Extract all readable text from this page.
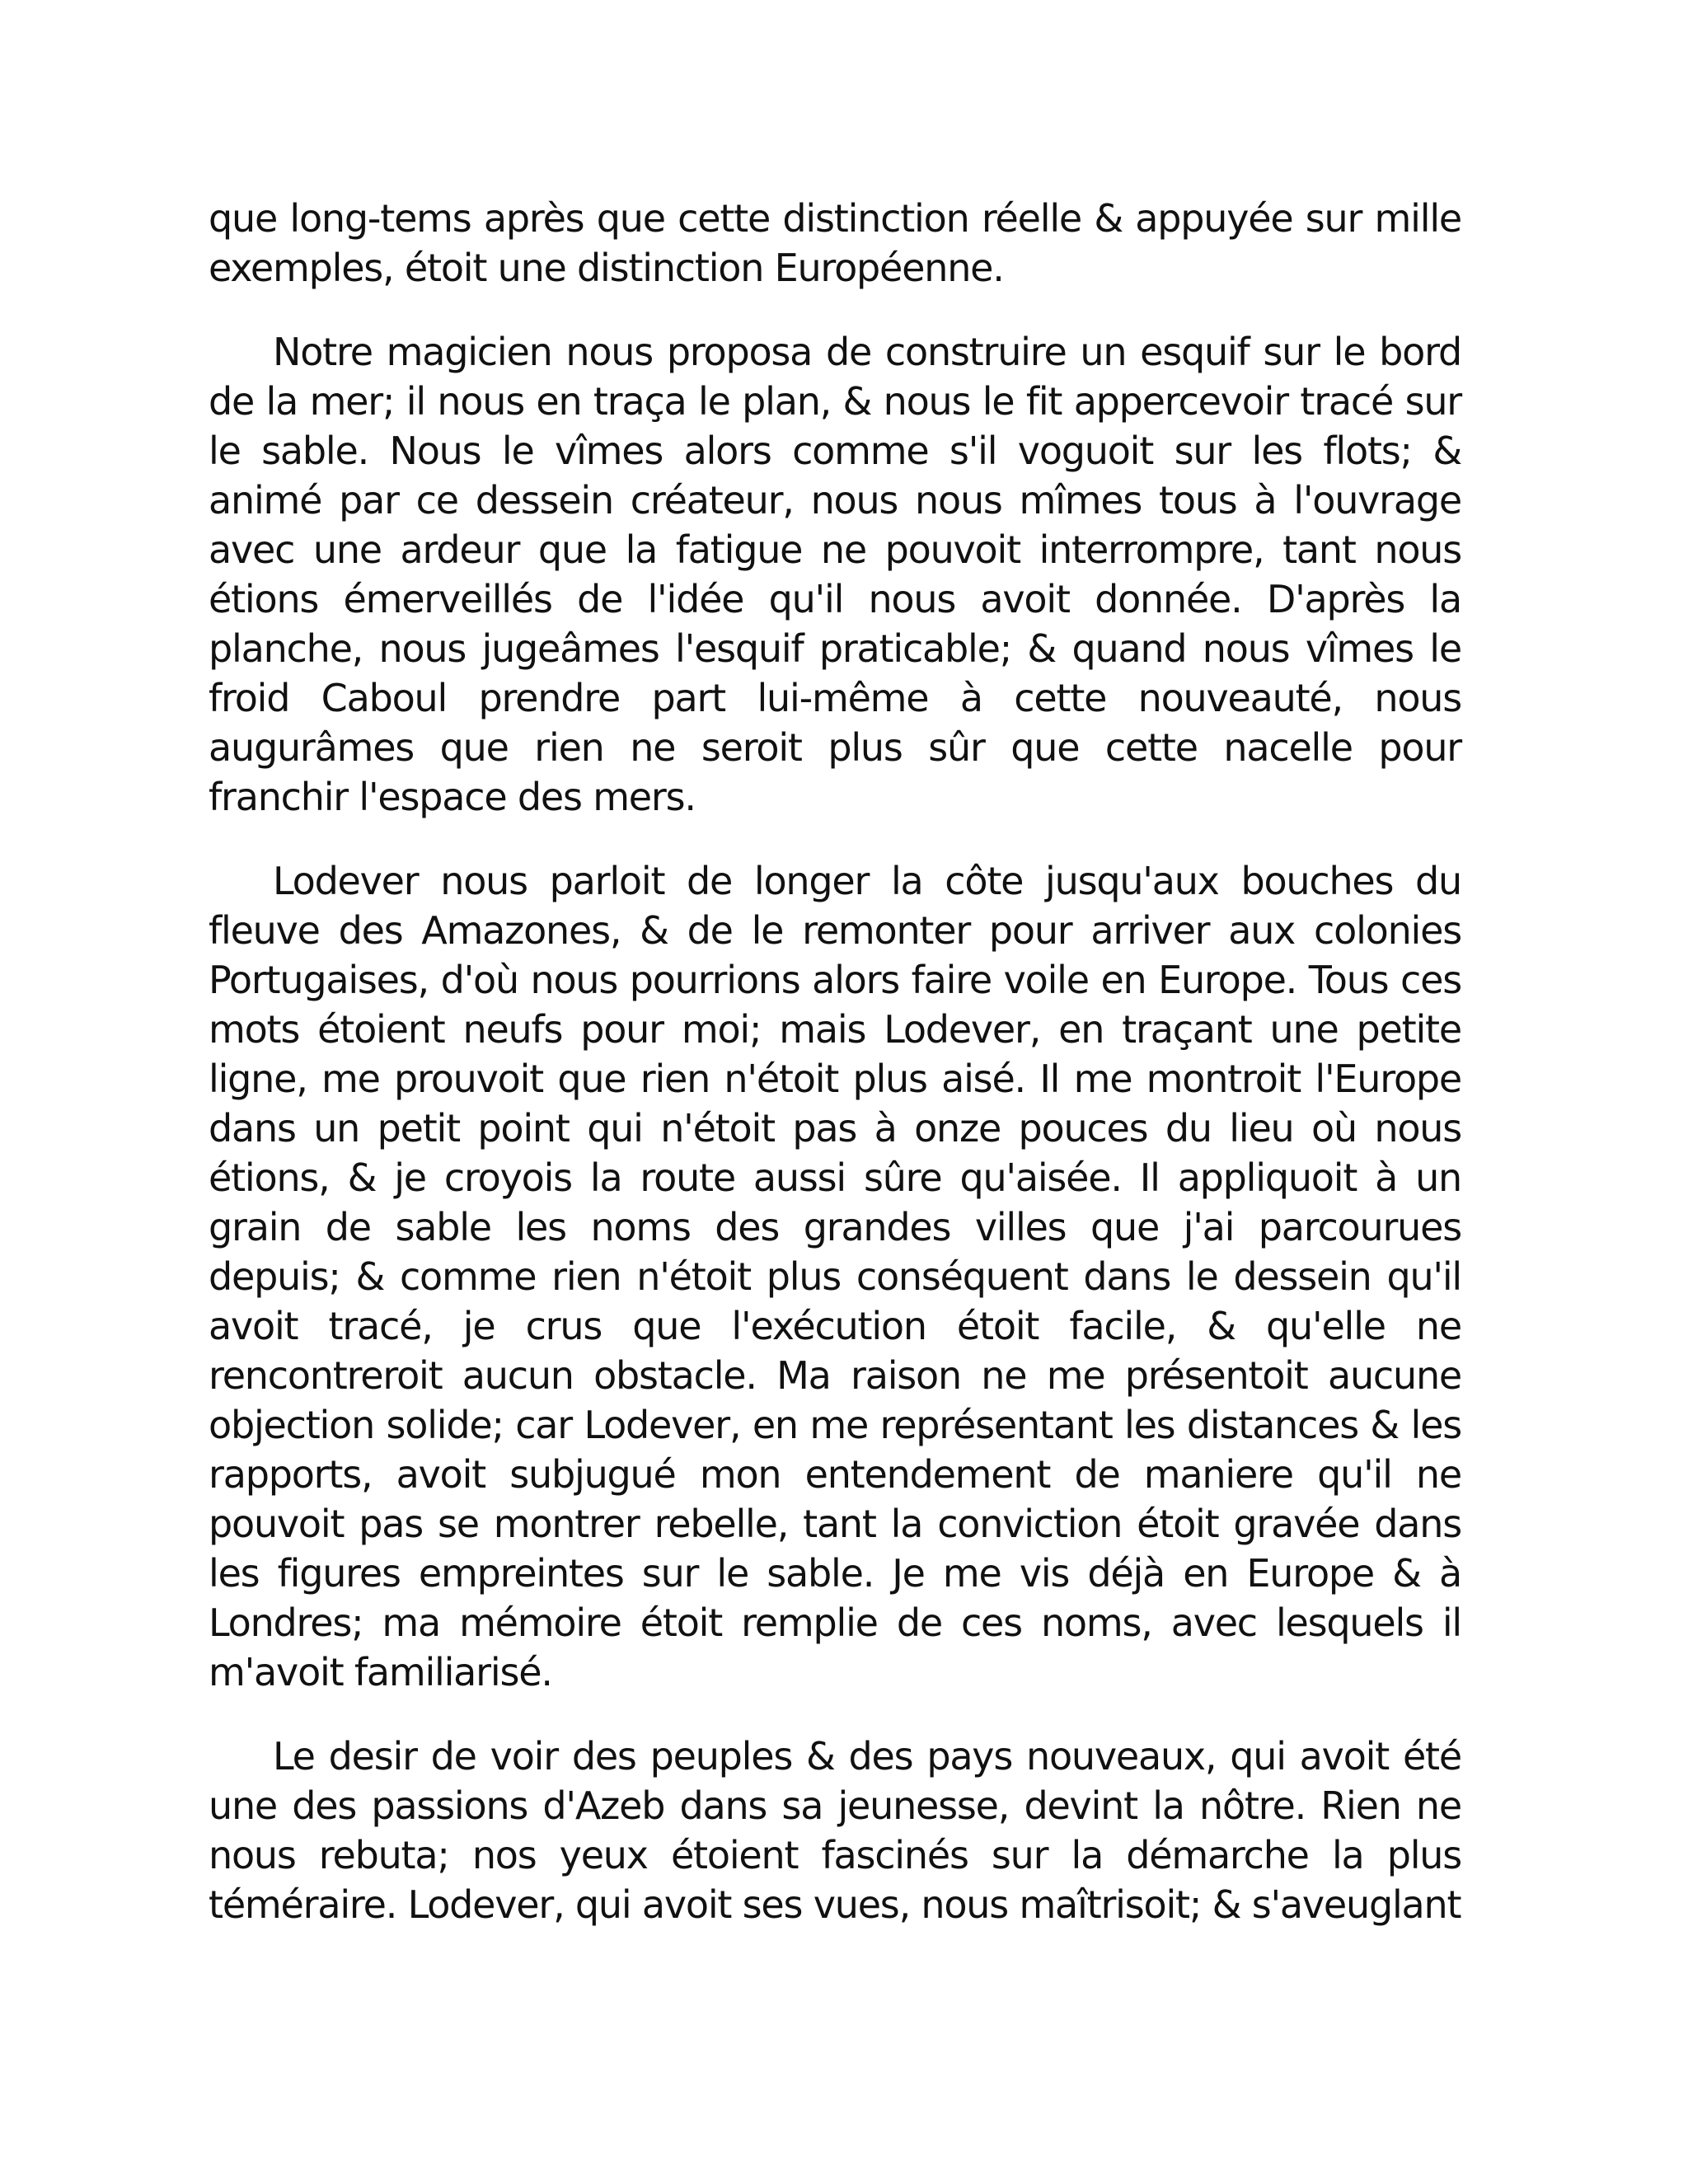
que long-tems après que cette distinction réelle & appuyée sur mille exemples, étoit une distinction Européenne.

Notre magicien nous proposa de construire un esquif sur le bord de la mer; il nous en traça le plan, & nous le fit appercevoir tracé sur le sable. Nous le vîmes alors comme s'il voguoit sur les flots; & animé par ce dessein créateur, nous nous mîmes tous à l'ouvrage avec une ardeur que la fatigue ne pouvoit interrompre, tant nous étions émerveillés de l'idée qu'il nous avoit donnée. D'après la planche, nous jugeâmes l'esquif praticable; & quand nous vîmes le froid Caboul prendre part lui-même à cette nouveauté, nous augurâmes que rien ne seroit plus sûr que cette nacelle pour franchir l'espace des mers.

Lodever nous parloit de longer la côte jusqu'aux bouches du fleuve des Amazones, & de le remonter pour arriver aux colonies Portugaises, d'où nous pourrions alors faire voile en Europe. Tous ces mots étoient neufs pour moi; mais Lodever, en traçant une petite ligne, me prouvoit que rien n'étoit plus aisé. Il me montroit l'Europe dans un petit point qui n'étoit pas à onze pouces du lieu où nous étions, & je croyois la route aussi sûre qu'aisée. Il appliquoit à un grain de sable les noms des grandes villes que j'ai parcourues depuis; & comme rien n'étoit plus conséquent dans le dessein qu'il avoit tracé, je crus que l'exécution étoit facile, & qu'elle ne rencontreroit aucun obstacle. Ma raison ne me présentoit aucune objection solide; car Lodever, en me représentant les distances & les rapports, avoit subjugué mon entendement de maniere qu'il ne pouvoit pas se montrer rebelle, tant la conviction étoit gravée dans les figures empreintes sur le sable. Je me vis déjà en Europe & à Londres; ma mémoire étoit remplie de ces noms, avec lesquels il m'avoit familiarisé.

Le desir de voir des peuples & des pays nouveaux, qui avoit été une des passions d'Azeb dans sa jeunesse, devint la nôtre. Rien ne nous rebuta; nos yeux étoient fascinés sur la démarche la plus téméraire. Lodever, qui avoit ses vues, nous maîtrisoit; & s'aveuglant
